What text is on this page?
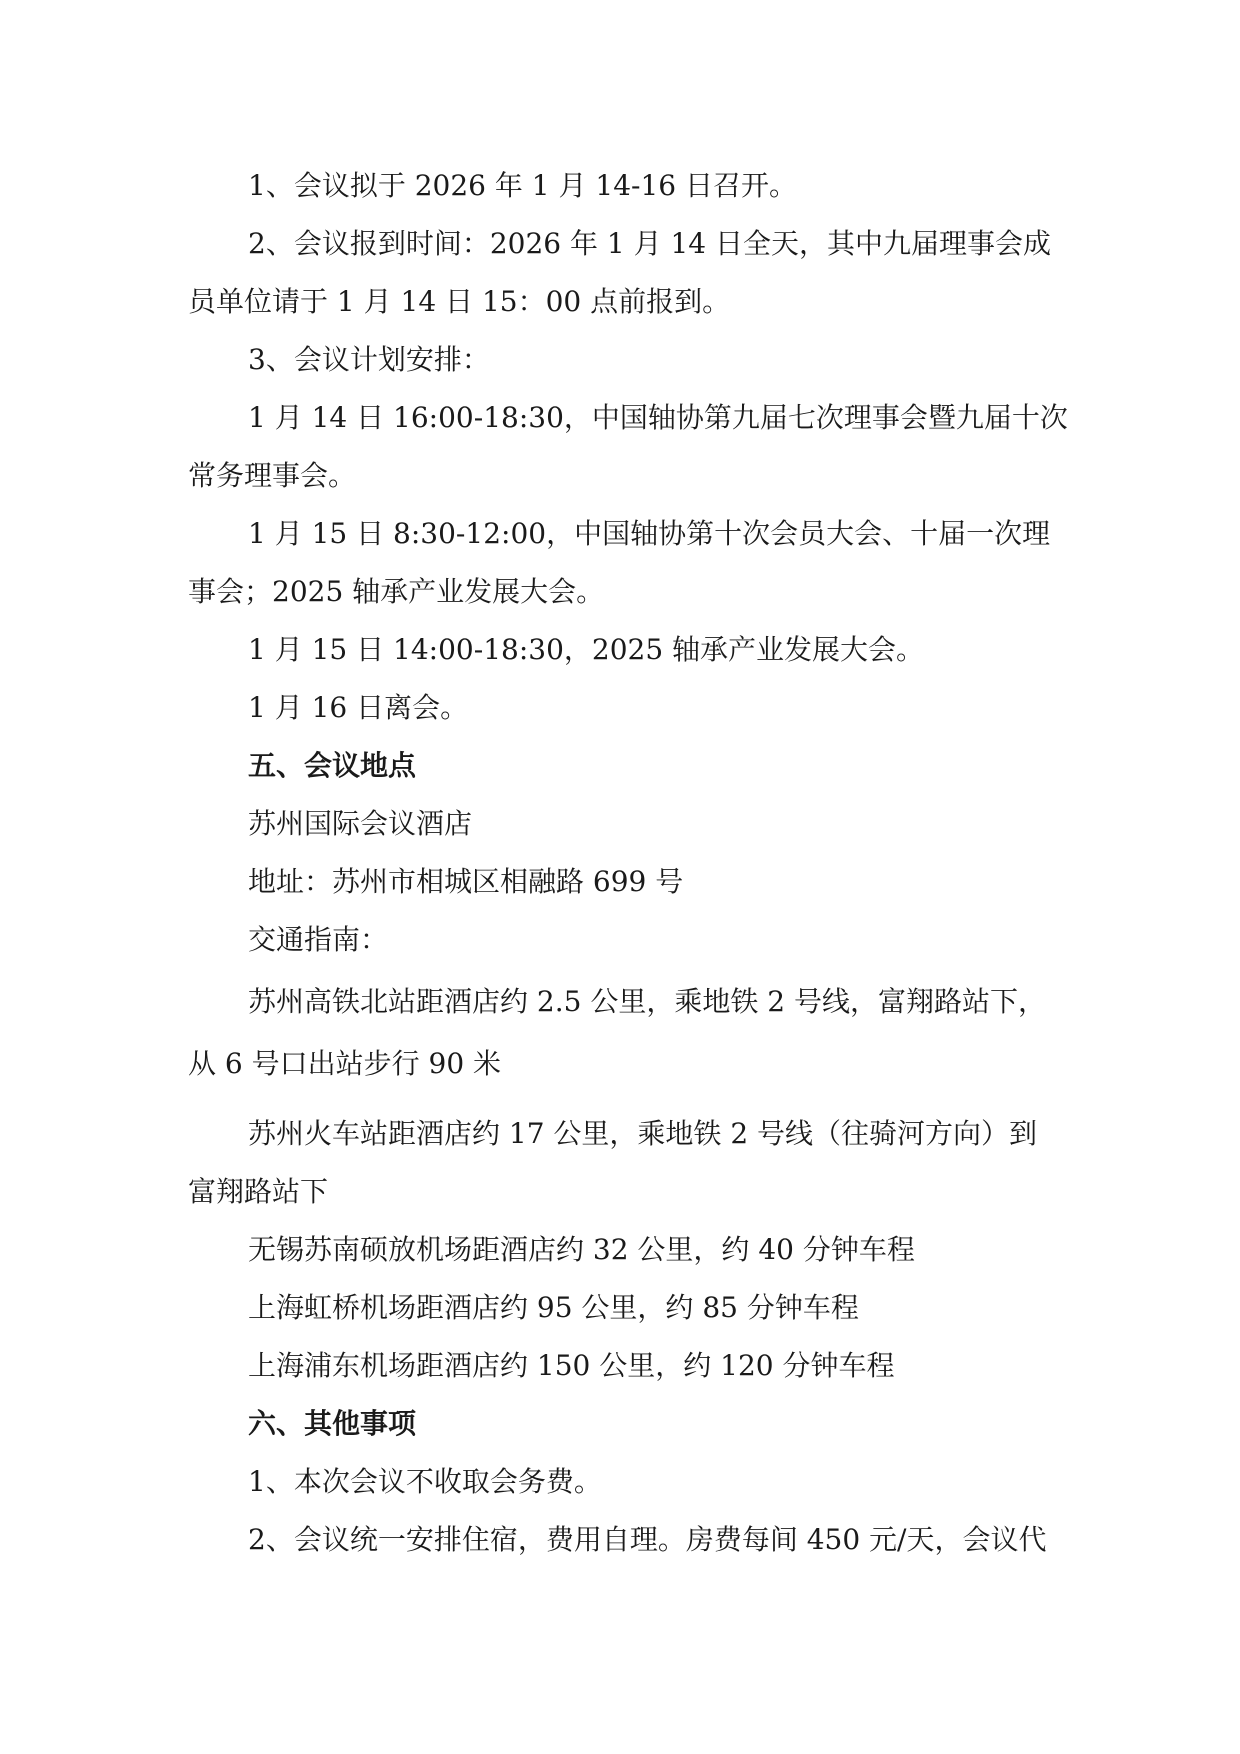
1、会议拟于 2026 年 1 月 14-16 日召开。
2、会议报到时间：2026 年 1 月 14 日全天，其中九届理事会成
员单位请于 1 月 14 日 15：00 点前报到。
3、会议计划安排：
1 月 14 日 16:00-18:30，中国轴协第九届七次理事会暨九届十次
常务理事会。
1 月 15 日 8:30-12:00，中国轴协第十次会员大会、十届一次理
事会；2025 轴承产业发展大会。
1 月 15 日 14:00-18:30，2025 轴承产业发展大会。
1 月 16 日离会。
五、会议地点
苏州国际会议酒店
地址：苏州市相城区相融路 699 号
交通指南：
苏州高铁北站距酒店约 2.5 公里，乘地铁 2 号线，富翔路站下，
从 6 号口出站步行 90 米
苏州火车站距酒店约 17 公里，乘地铁 2 号线（往骑河方向）到
富翔路站下
无锡苏南硕放机场距酒店约 32 公里，约 40 分钟车程
上海虹桥机场距酒店约 95 公里，约 85 分钟车程
上海浦东机场距酒店约 150 公里，约 120 分钟车程
六、其他事项
1、本次会议不收取会务费。
2、会议统一安排住宿，费用自理。房费每间 450 元/天，会议代
